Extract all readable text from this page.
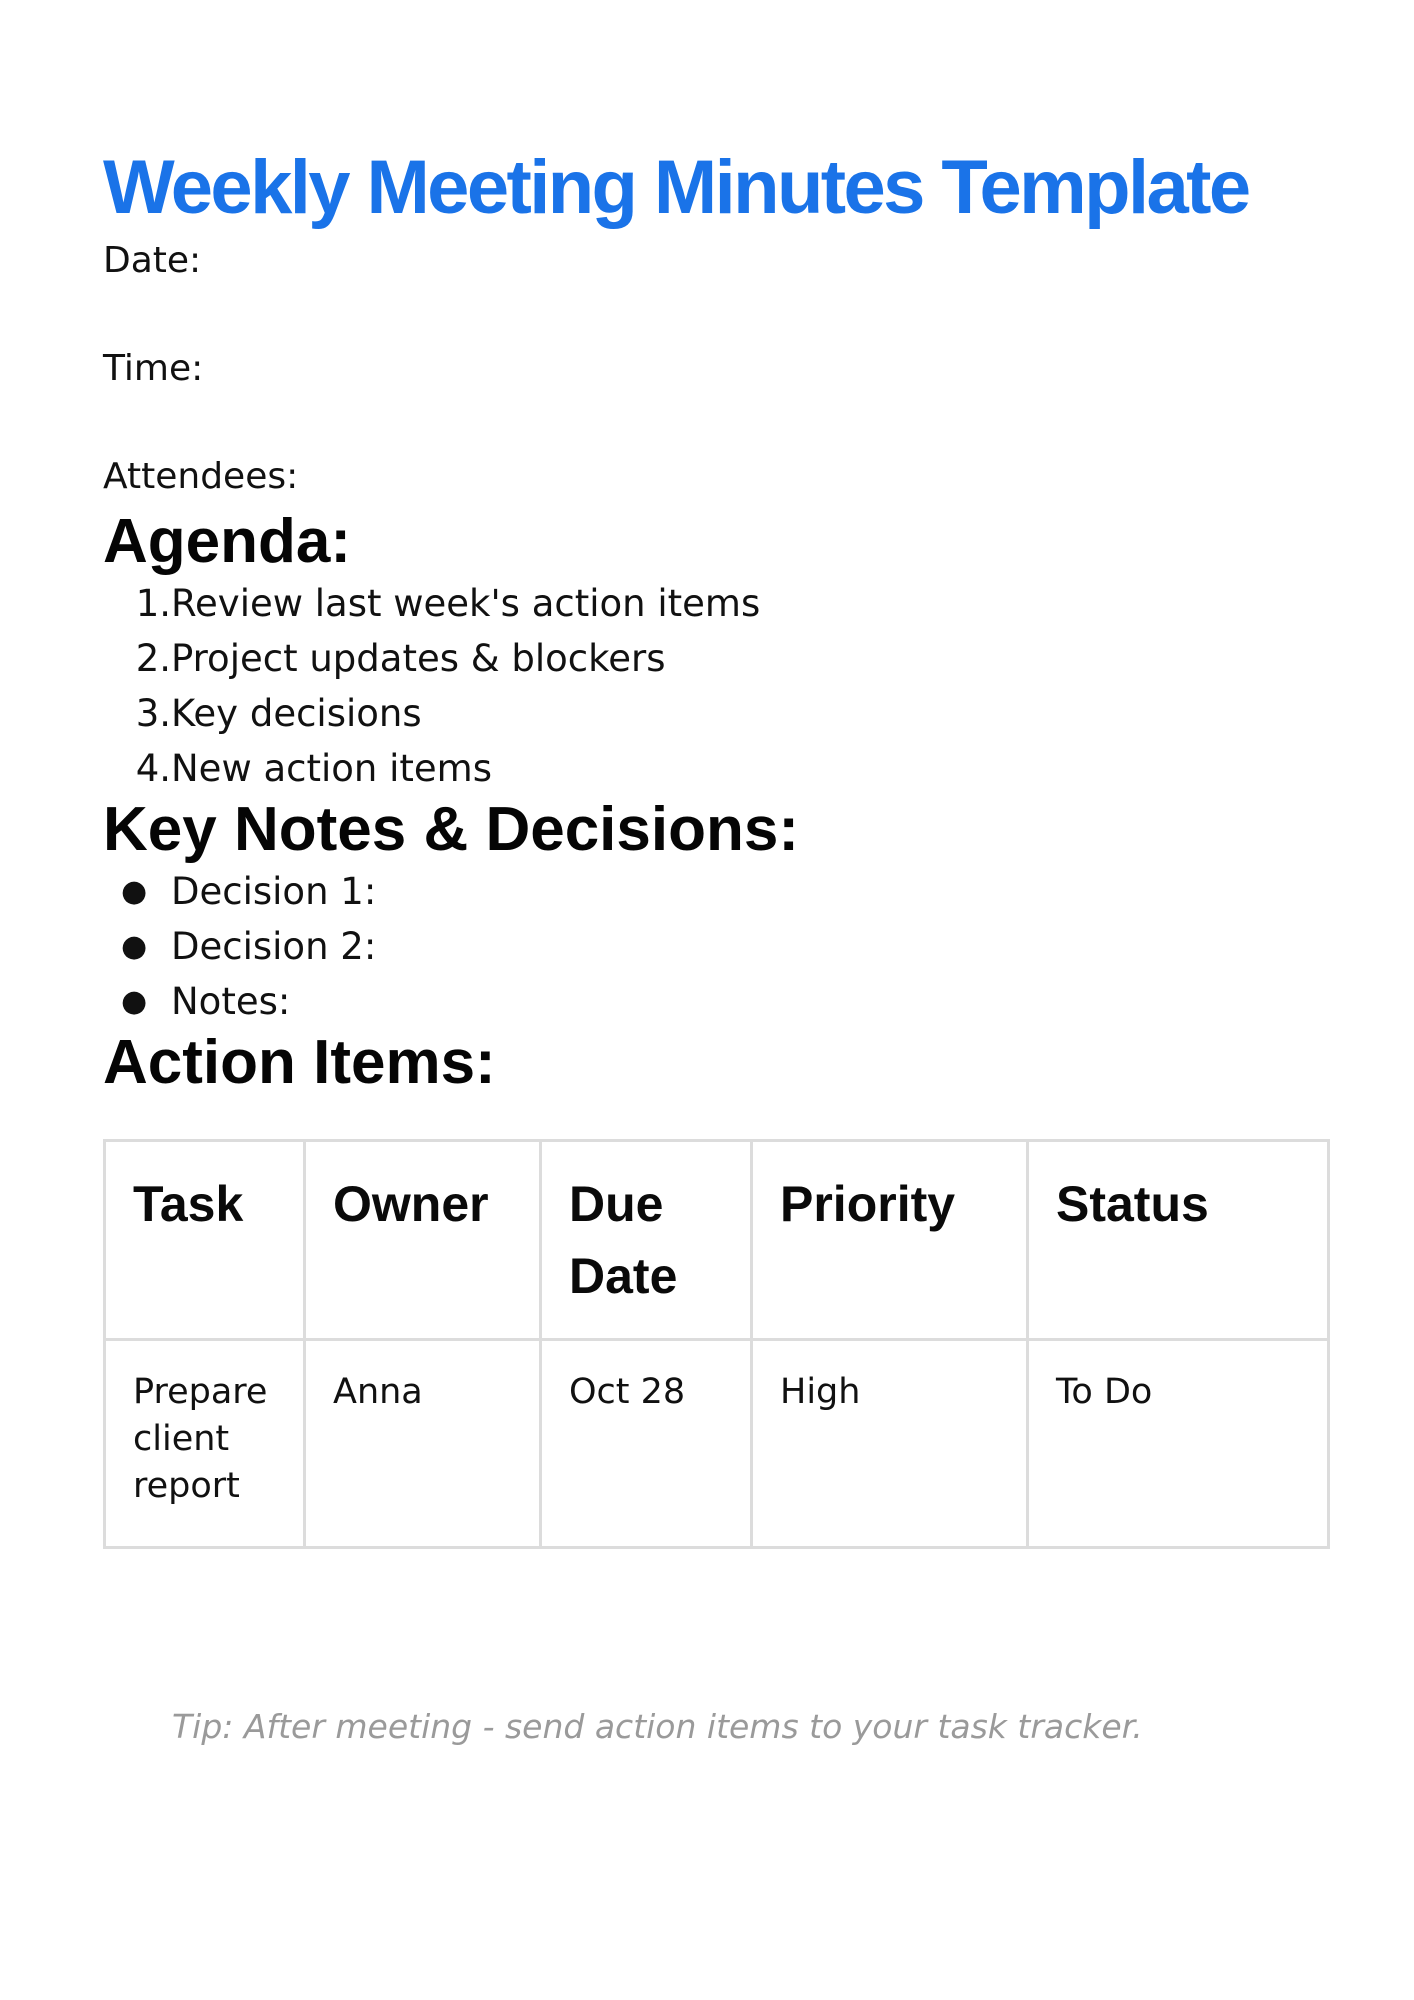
Weekly Meeting Minutes Template

Date:

Time:

Attendees:

Agenda:
1.Review last week's action items
2.Project updates & blockers
3.Key decisions
4.New action items
Key Notes & Decisions:
● Decision 1:
● Decision 2:
● Notes:
Action Items:
Task	Owner	Due Date	Priority	Status
Prepare client report	Anna	Oct 28	High	To Do
Tip: After meeting - send action items to your task tracker.
